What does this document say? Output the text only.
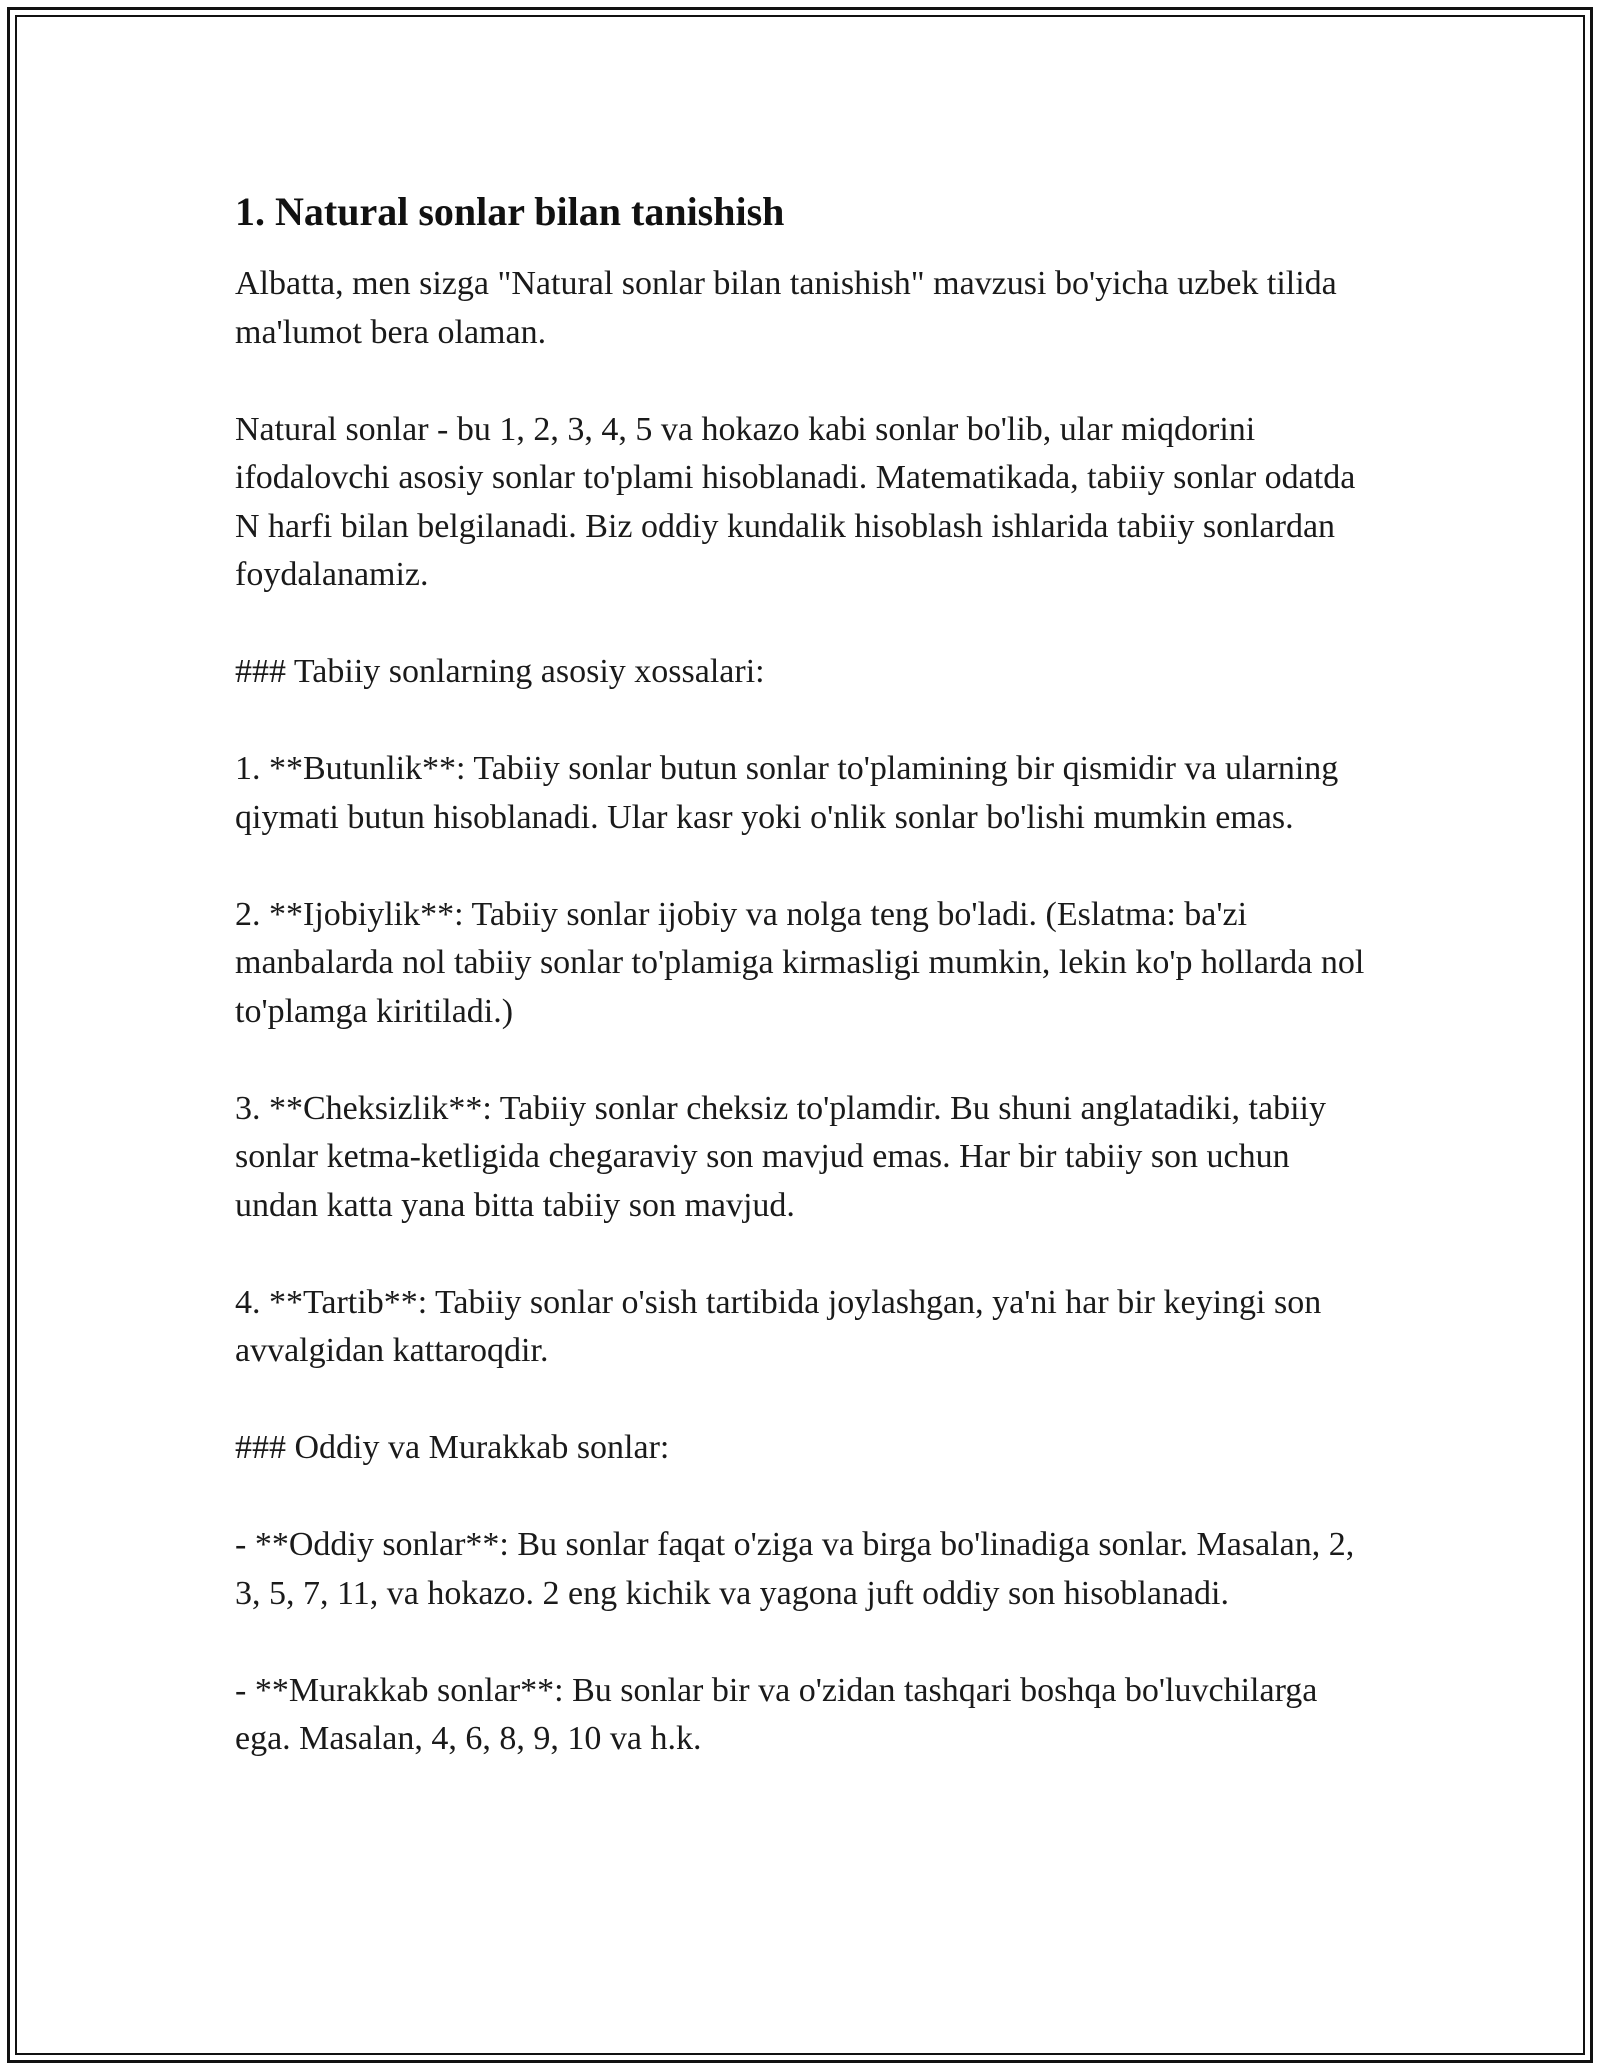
1. Natural sonlar bilan tanishish

Albatta, men sizga "Natural sonlar bilan tanishish" mavzusi bo'yicha uzbek tilida ma'lumot bera olaman.

Natural sonlar - bu 1, 2, 3, 4, 5 va hokazo kabi sonlar bo'lib, ular miqdorini ifodalovchi asosiy sonlar to'plami hisoblanadi. Matematikada, tabiiy sonlar odatda N harfi bilan belgilanadi. Biz oddiy kundalik hisoblash ishlarida tabiiy sonlardan foydalanamiz.

### Tabiiy sonlarning asosiy xossalari:

1. **Butunlik**: Tabiiy sonlar butun sonlar to'plamining bir qismidir va ularning qiymati butun hisoblanadi. Ular kasr yoki o'nlik sonlar bo'lishi mumkin emas.

2. **Ijobiylik**: Tabiiy sonlar ijobiy va nolga teng bo'ladi. (Eslatma: ba'zi manbalarda nol tabiiy sonlar to'plamiga kirmasligi mumkin, lekin ko'p hollarda nol to'plamga kiritiladi.)

3. **Cheksizlik**: Tabiiy sonlar cheksiz to'plamdir. Bu shuni anglatadiki, tabiiy sonlar ketma-ketligida chegaraviy son mavjud emas. Har bir tabiiy son uchun undan katta yana bitta tabiiy son mavjud.

4. **Tartib**: Tabiiy sonlar o'sish tartibida joylashgan, ya'ni har bir keyingi son avvalgidan kattaroqdir.

### Oddiy va Murakkab sonlar:

- **Oddiy sonlar**: Bu sonlar faqat o'ziga va birga bo'linadiga sonlar. Masalan, 2, 3, 5, 7, 11, va hokazo. 2 eng kichik va yagona juft oddiy son hisoblanadi.

- **Murakkab sonlar**: Bu sonlar bir va o'zidan tashqari boshqa bo'luvchilarga ega. Masalan, 4, 6, 8, 9, 10 va h.k.
